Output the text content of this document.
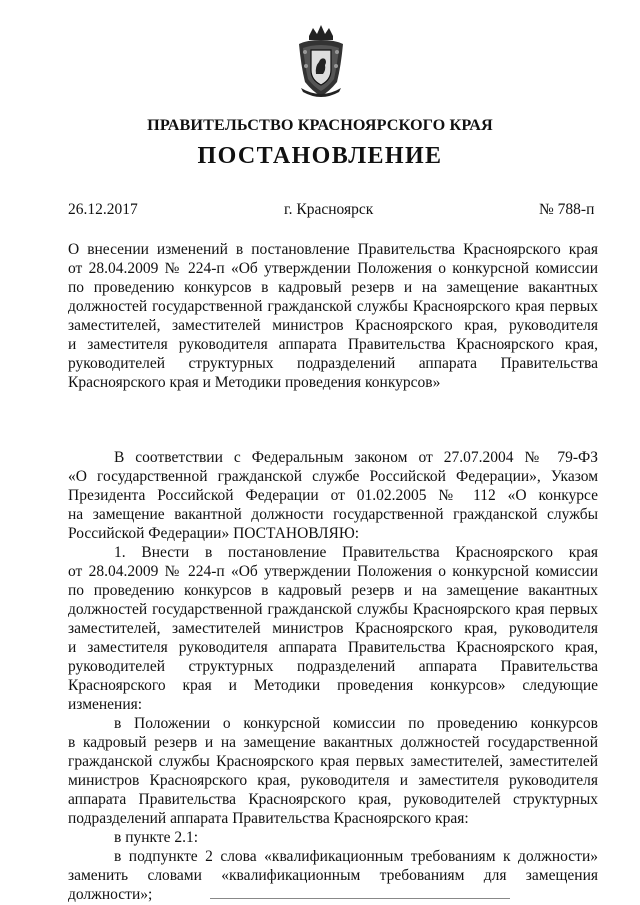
ПРАВИТЕЛЬСТВО КРАСНОЯРСКОГО КРАЯ
ПОСТАНОВЛЕНИЕ
26.12.2017	г. Красноярск	№ 788-п

О внесении изменений в постановление Правительства Красноярского края

от 28.04.2009 № 224-п «Об утверждении Положения о конкурсной комиссии

по проведению конкурсов в кадровый резерв и на замещение вакантных

должностей государственной гражданской службы Красноярского края первых

заместителей, заместителей министров Красноярского края, руководителя

и заместителя руководителя аппарата Правительства Красноярского края,

руководителей структурных подразделений аппарата Правительства

Красноярского края и Методики проведения конкурсов»

В соответствии с Федеральным законом от 27.07.2004 № 79-ФЗ

«О государственной гражданской службе Российской Федерации», Указом

Президента Российской Федерации от 01.02.2005 № 112 «О конкурсе

на замещение вакантной должности государственной гражданской службы

Российской Федерации» ПОСТАНОВЛЯЮ:

1. Внести в постановление Правительства Красноярского края

от 28.04.2009 № 224-п «Об утверждении Положения о конкурсной комиссии

по проведению конкурсов в кадровый резерв и на замещение вакантных

должностей государственной гражданской службы Красноярского края первых

заместителей, заместителей министров Красноярского края, руководителя

и заместителя руководителя аппарата Правительства Красноярского края,

руководителей структурных подразделений аппарата Правительства

Красноярского края и Методики проведения конкурсов» следующие

изменения:

в Положении о конкурсной комиссии по проведению конкурсов

в кадровый резерв и на замещение вакантных должностей государственной

гражданской службы Красноярского края первых заместителей, заместителей

министров Красноярского края, руководителя и заместителя руководителя

аппарата Правительства Красноярского края, руководителей структурных

подразделений аппарата Правительства Красноярского края:

в пункте 2.1:

в подпункте 2 слова «квалификационным требованиям к должности»

заменить словами «квалификационным требованиям для замещения

должности»;
